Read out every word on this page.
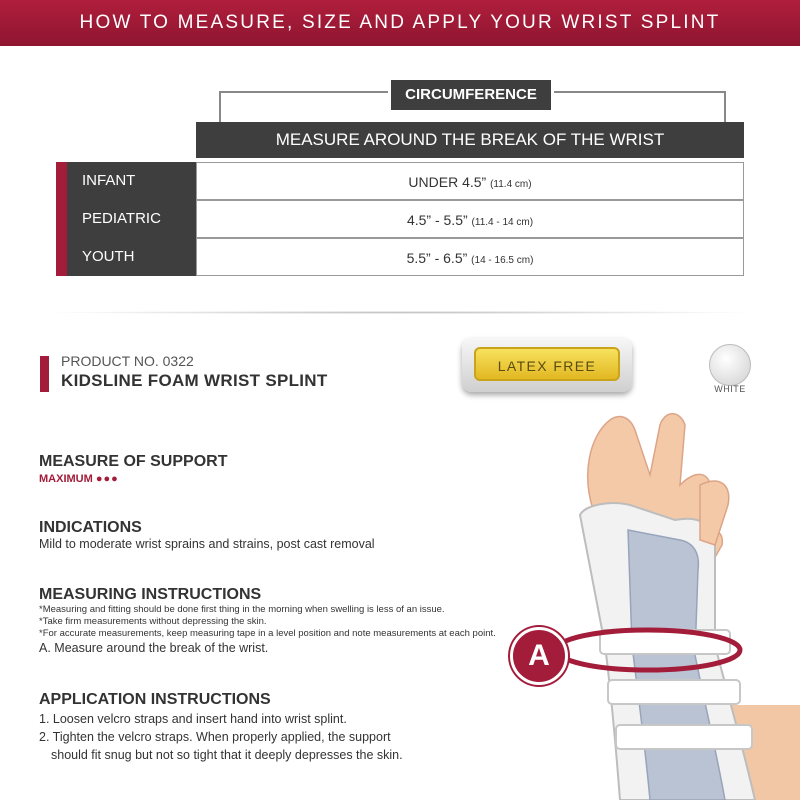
HOW TO MEASURE, SIZE AND APPLY YOUR WRIST SPLINT
CIRCUMFERENCE
MEASURE AROUND THE BREAK OF THE WRIST
INFANT	UNDER 4.5” (11.4 cm)
PEDIATRIC	4.5” - 5.5” (11.4 - 14 cm)
YOUTH	5.5” - 6.5” (14 - 16.5 cm)
PRODUCT NO. 0322
KIDSLINE FOAM WRIST SPLINT
LATEX FREE
WHITE
MEASURE OF SUPPORT
MAXIMUM ●●●
INDICATIONS
Mild to moderate wrist sprains and strains, post cast removal
MEASURING INSTRUCTIONS
*Measuring and fitting should be done first thing in the morning when swelling is less of an issue.
*Take firm measurements without depressing the skin.
*For accurate measurements, keep measuring tape in a level position and note measurements at each point.
A. Measure around the break of the wrist.
APPLICATION INSTRUCTIONS
1. Loosen velcro straps and insert hand into wrist splint.
2. Tighten the velcro straps. When properly applied, the support
should fit snug but not so tight that it deeply depresses the skin.
A
